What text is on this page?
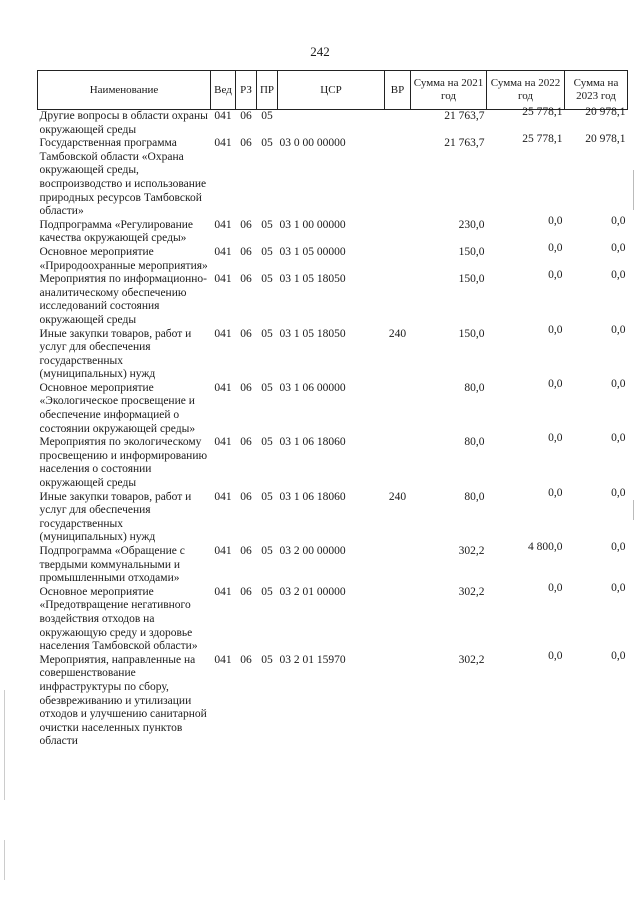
242
Наименование	Вед	РЗ	ПР	ЦСР	ВР	Сумма на 2021 год	Сумма на 2022 год	Сумма на 2023 год
Другие вопросы в области охраны окружающей среды	041	06	05			21 763,7	25 778,1	20 978,1
Государственная программа Тамбовской области «Охрана окружающей среды, воспроизводство и использование природных ресурсов Тамбовской области»	041	06	05	03 0 00 00000		21 763,7	25 778,1	20 978,1
Подпрограмма «Регулирование качества окружающей среды»	041	06	05	03 1 00 00000		230,0	0,0	0,0
Основное мероприятие «Природоохранные мероприятия»	041	06	05	03 1 05 00000		150,0	0,0	0,0
Мероприятия по информационно-аналитическому обеспечению исследований состояния окружающей среды	041	06	05	03 1 05 18050		150,0	0,0	0,0
Иные закупки товаров, работ и услуг для обеспечения государственных (муниципальных) нужд	041	06	05	03 1 05 18050	240	150,0	0,0	0,0
Основное мероприятие «Экологическое просвещение и обеспечение информацией о состоянии окружающей среды»	041	06	05	03 1 06 00000		80,0	0,0	0,0
Мероприятия по экологическому просвещению и информированию населения о состоянии окружающей среды	041	06	05	03 1 06 18060		80,0	0,0	0,0
Иные закупки товаров, работ и услуг для обеспечения государственных (муниципальных) нужд	041	06	05	03 1 06 18060	240	80,0	0,0	0,0
Подпрограмма «Обращение с твердыми коммунальными и промышленными отходами»	041	06	05	03 2 00 00000		302,2	4 800,0	0,0
Основное мероприятие «Предотвращение негативного воздействия отходов на окружающую среду и здоровье населения Тамбовской области»	041	06	05	03 2 01 00000		302,2	0,0	0,0
Мероприятия, направленные на совершенствование инфраструктуры по сбору, обезвреживанию и утилизации отходов и улучшению санитарной очистки населенных пунктов области	041	06	05	03 2 01 15970		302,2	0,0	0,0
